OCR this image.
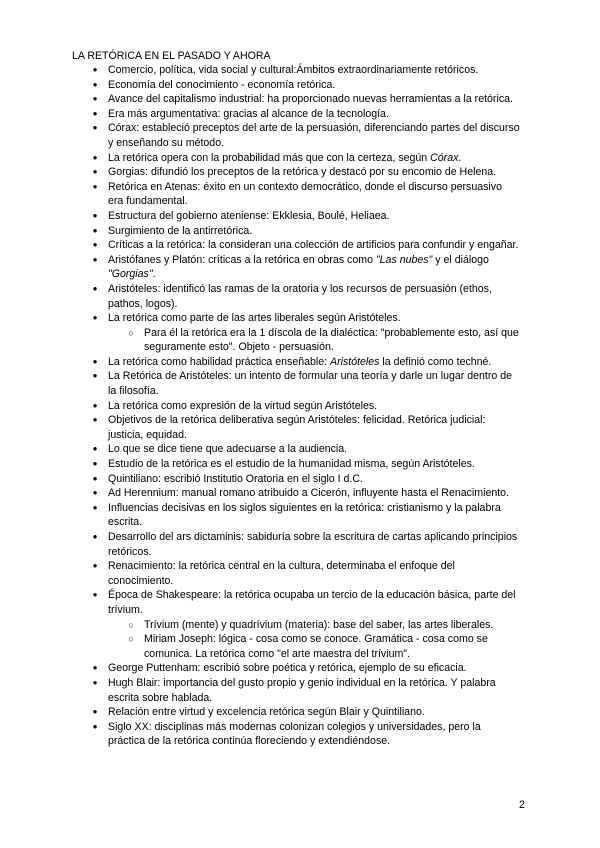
LA RETÓRICA EN EL PASADO Y AHORA
● Comercio, política, vida social y cultural:Ámbitos extraordinariamente retóricos.
● Economía del conocimiento - economía retórica.
● Avance del capitalismo industrial: ha proporcionado nuevas herramientas a la retórica.
● Era más argumentativa: gracias al alcance de la tecnología.
● Córax: estableció preceptos del arte de la persuasión, diferenciando partes del discurso y enseñando su método.
● La retórica opera con la probabilidad más que con la certeza, según Córax.
● Gorgias: difundió los preceptos de la retórica y destacó por su encomio de Helena.
● Retórica en Atenas: éxito en un contexto democrático, donde el discurso persuasivo era fundamental.
● Estructura del gobierno ateniense: Ekklesia, Boulé, Heliaea.
● Surgimiento de la antirretórica.
● Críticas a la retórica: la consideran una colección de artificios para confundir y engañar.
● Aristófanes y Platón: críticas a la retórica en obras como "Las nubes" y el diálogo "Gorgias".
● Aristóteles: identificó las ramas de la oratoria y los recursos de persuasión (ethos, pathos, logos).
● La retórica como parte de las artes liberales según Aristóteles.
○ Para él la retórica era la 1 díscola de la dialéctica: "probablemente esto, así que seguramente esto". Objeto - persuasión.
● La retórica como habilidad práctica enseñable: Aristóteles la definió como techné.
● La Retórica de Aristóteles: un intento de formular una teoría y darle un lugar dentro de la filosofía.
● La retórica como expresión de la virtud según Aristóteles.
● Objetivos de la retórica deliberativa según Aristóteles: felicidad. Retórica judicial: justicia, equidad.
● Lo que se dice tiene que adecuarse a la audiencia.
● Estudio de la retórica es el estudio de la humanidad misma, según Aristóteles.
● Quintiliano: escribió Institutio Oratoria en el siglo I d.C.
● Ad Herennium: manual romano atribuido a Cicerón, influyente hasta el Renacimiento.
● Influencias decisivas en los siglos siguientes en la retórica: cristianismo y la palabra escrita.
● Desarrollo del ars dictaminis: sabiduría sobre la escritura de cartas aplicando principios retóricos.
● Renacimiento: la retórica central en la cultura, determinaba el enfoque del conocimiento.
● Época de Shakespeare: la retórica ocupaba un tercio de la educación básica, parte del trívium.
○ Trívium (mente) y quadrívium (materia): base del saber, las artes liberales.
○ Miriam Joseph: lógica - cosa como se conoce. Gramática - cosa como se comunica. La retórica como "el arte maestra del trívium".
● George Puttenham: escribió sobre poética y retórica, ejemplo de su eficacia.
● Hugh Blair: importancia del gusto propio y genio individual en la retórica. Y palabra escrita sobre hablada.
● Relación entre virtud y excelencia retórica según Blair y Quintiliano.
● Siglo XX: disciplinas más modernas colonizan colegios y universidades, pero la práctica de la retórica continúa floreciendo y extendiéndose.
2
